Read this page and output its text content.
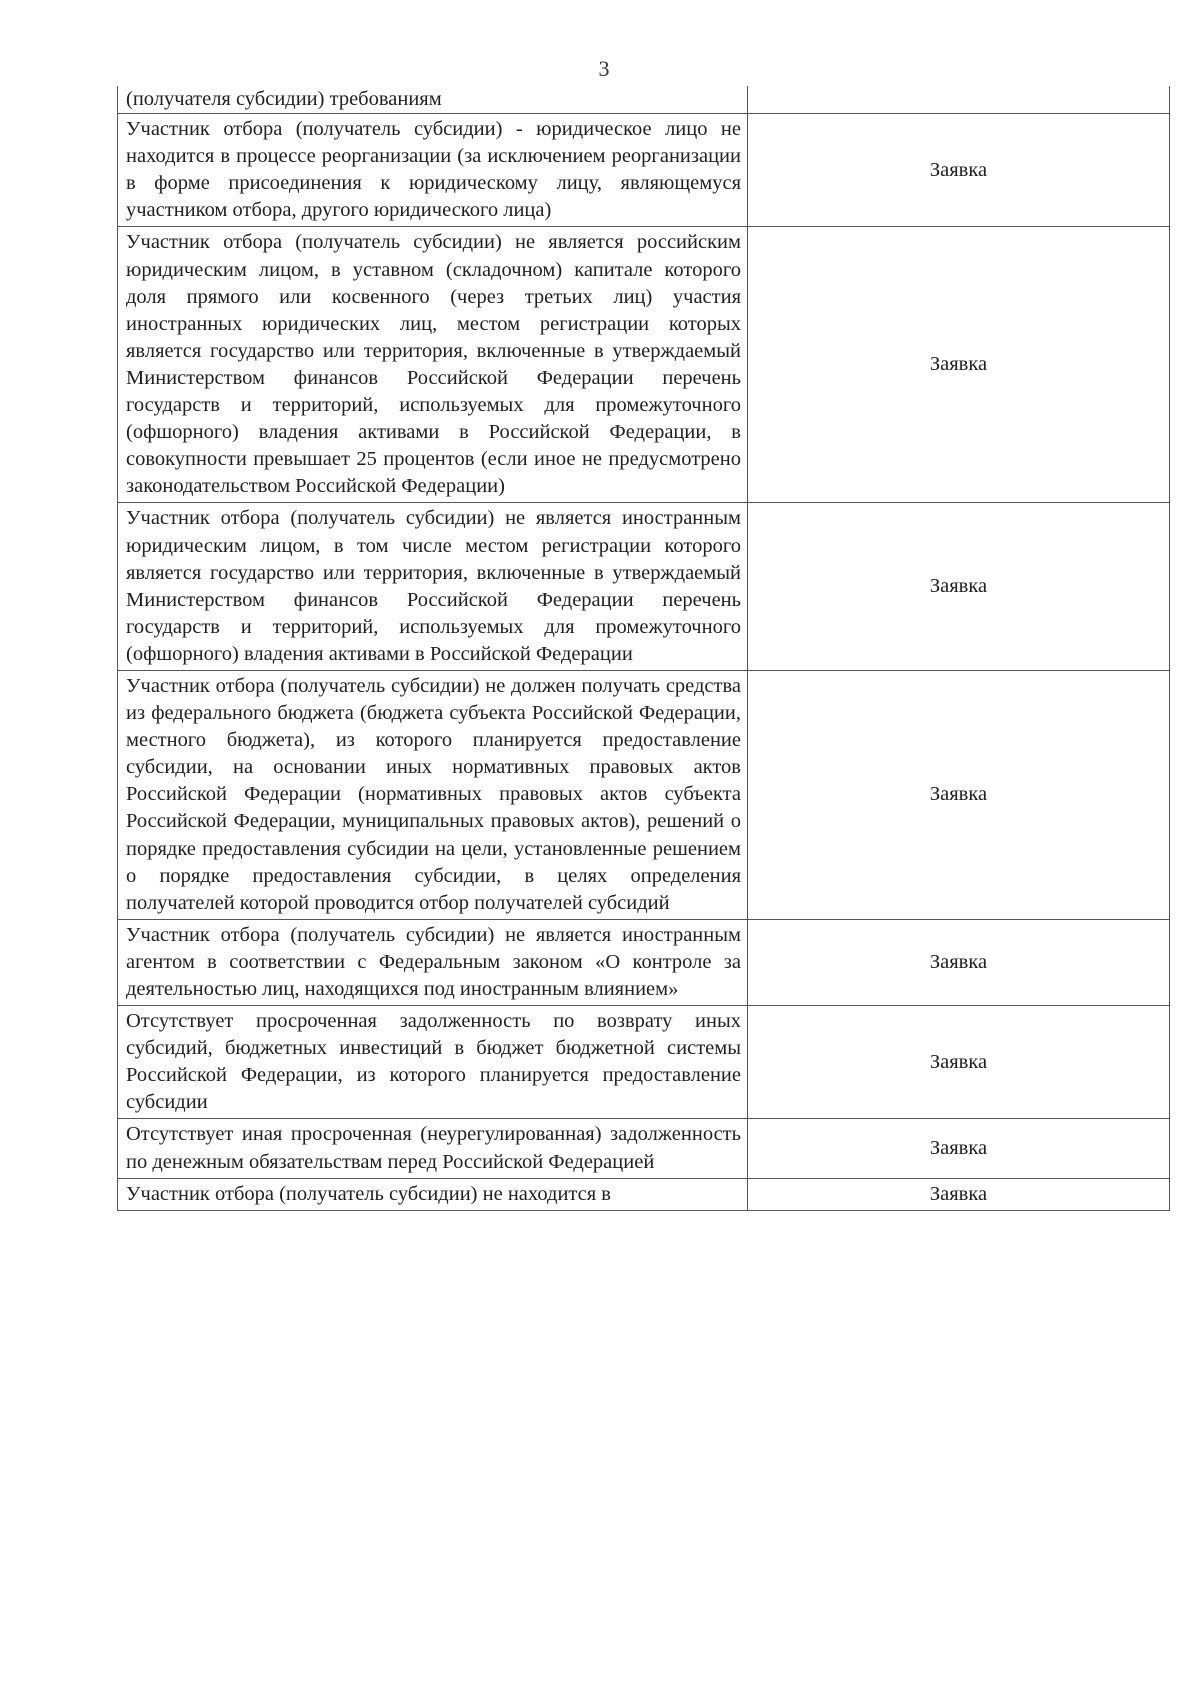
3
(получателя субсидии) требованиям	
Участник отбора (получатель субсидии) - юридическое лицо не находится в процессе реорганизации (за исключением реорганизации в форме присоединения к юридическому лицу, являющемуся участником отбора, другого юридического лица)	Заявка
Участник отбора (получатель субсидии) не является российским юридическим лицом, в уставном (складочном) капитале которого доля прямого или косвенного (через третьих лиц) участия иностранных юридических лиц, местом регистрации которых является государство или территория, включенные в утверждаемый Министерством финансов Российской Федерации перечень государств и территорий, используемых для промежуточного (офшорного) владения активами в Российской Федерации, в совокупности превышает 25 процентов (если иное не предусмотрено законодательством Российской Федерации)	Заявка
Участник отбора (получатель субсидии) не является иностранным юридическим лицом, в том числе местом регистрации которого является государство или территория, включенные в утверждаемый Министерством финансов Российской Федерации перечень государств и территорий, используемых для промежуточного (офшорного) владения активами в Российской Федерации	Заявка
Участник отбора (получатель субсидии) не должен получать средства из федерального бюджета (бюджета субъекта Российской Федерации, местного бюджета), из которого планируется предоставление субсидии, на основании иных нормативных правовых актов Российской Федерации (нормативных правовых актов субъекта Российской Федерации, муниципальных правовых актов), решений о порядке предоставления субсидии на цели, установленные решением о порядке предоставления субсидии, в целях определения получателей которой проводится отбор получателей субсидий	Заявка
Участник отбора (получатель субсидии) не является иностранным агентом в соответствии с Федеральным законом «О контроле за деятельностью лиц, находящихся под иностранным влиянием»	Заявка
Отсутствует просроченная задолженность по возврату иных субсидий, бюджетных инвестиций в бюджет бюджетной системы Российской Федерации, из которого планируется предоставление субсидии	Заявка
Отсутствует иная просроченная (неурегулированная) задолженность по денежным обязательствам перед Российской Федерацией	Заявка
Участник отбора (получатель субсидии) не находится в	Заявка
